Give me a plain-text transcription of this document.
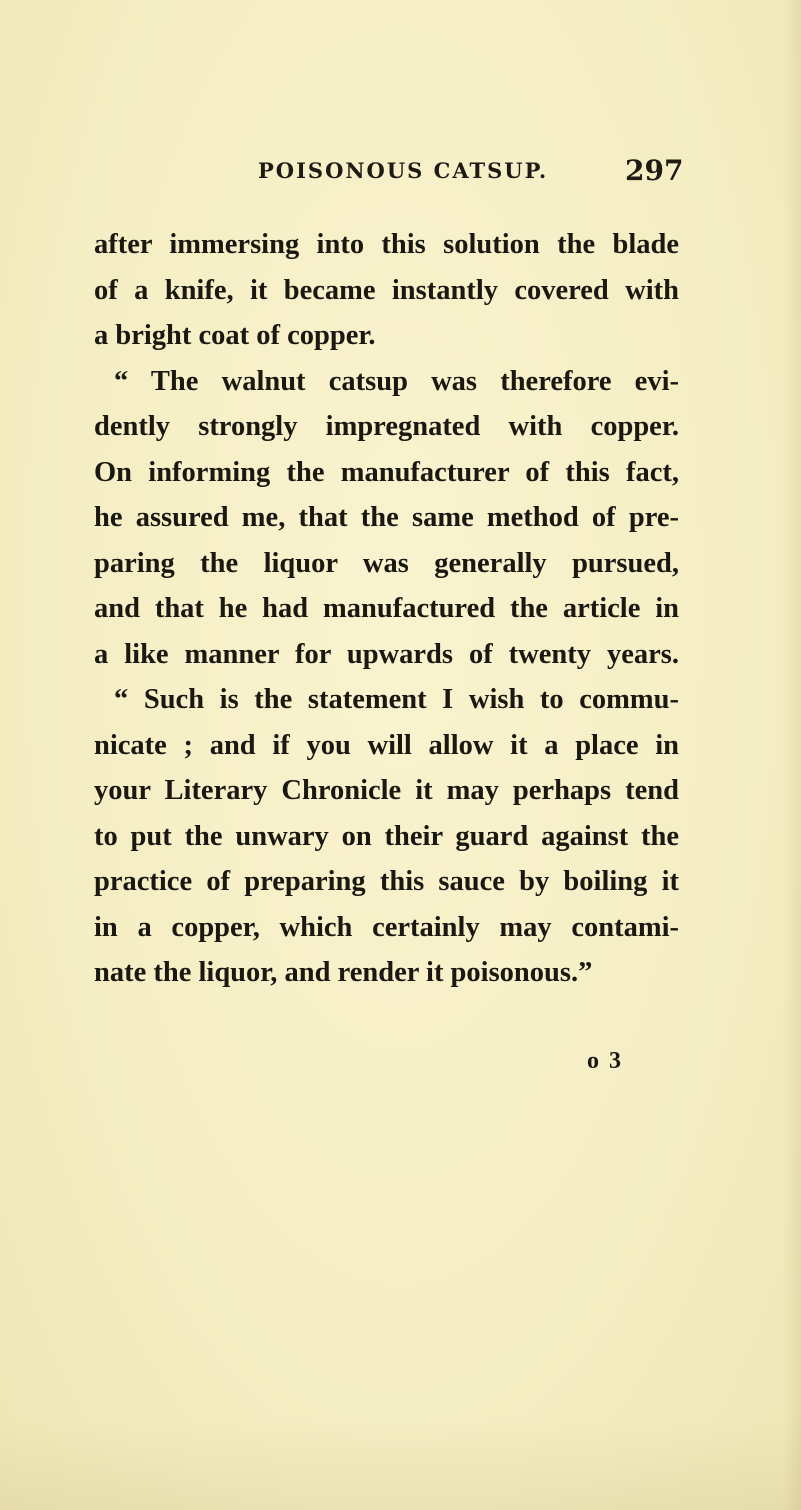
POISONOUS CATSUP.	297
after immersing into this solution the blade
of a knife, it became instantly covered with
a bright coat of copper.
“ The walnut catsup was therefore evi-
dently strongly impregnated with copper.
On informing the manufacturer of this fact,
he assured me, that the same method of pre-
paring the liquor was generally pursued,
and that he had manufactured the article in
a like manner for upwards of twenty years.
“ Such is the statement I wish to commu-
nicate ; and if you will allow it a place in
your Literary Chronicle it may perhaps tend
to put the unwary on their guard against the
practice of preparing this sauce by boiling it
in a copper, which certainly may contami-
nate the liquor, and render it poisonous.”
o 3
